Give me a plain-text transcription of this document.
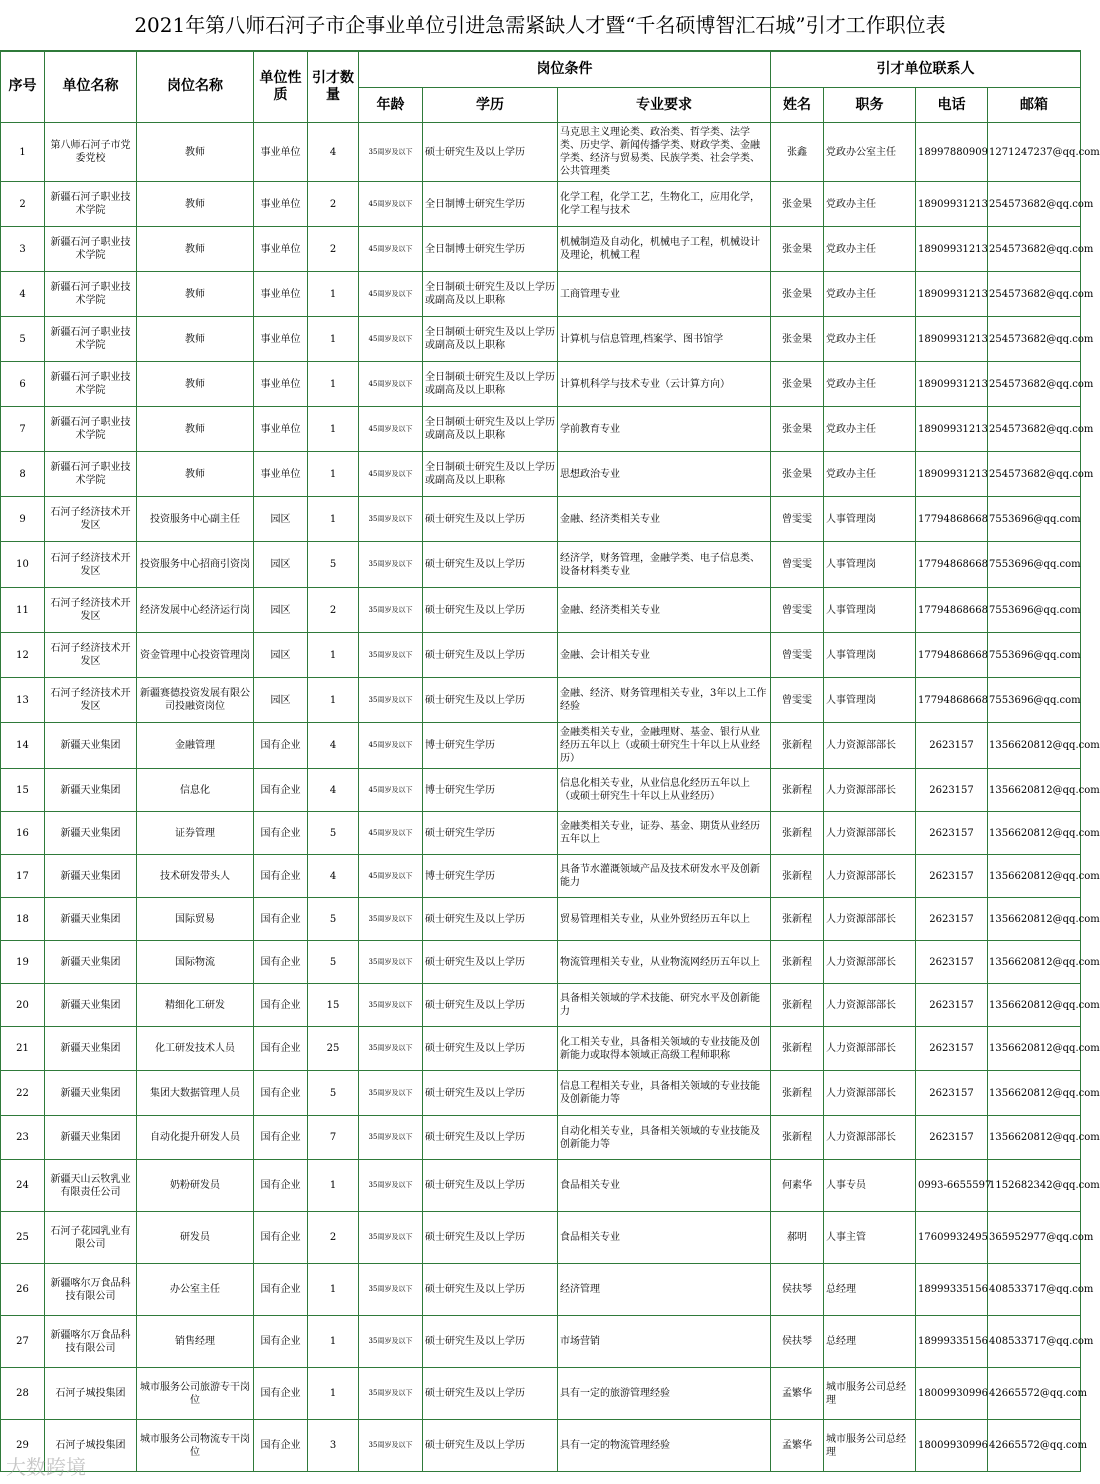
2021年第八师石河子市企事业单位引进急需紧缺人才暨“千名硕博智汇石城”引才工作职位表
序号	单位名称	岗位名称	单位性质	引才数量	岗位条件			引才单位联系人			
					年龄	学历	专业要求	姓名	职务	电话	邮箱
1	第八师石河子市党委党校	教师	事业单位	4	35周岁及以下	硕士研究生及以上学历	马克思主义理论类、政治类、哲学类、法学类、历史学、新闻传播学类、财政学类、金融学类、经济与贸易类、民族学类、社会学类、公共管理类	张鑫	党政办公室主任	18997880909	1271247237@qq.com
2	新疆石河子职业技术学院	教师	事业单位	2	45周岁及以下	全日制博士研究生学历	化学工程，化学工艺，生物化工，应用化学，化学工程与技术	张金果	党政办主任	18909931213	254573682@qq.com
3	新疆石河子职业技术学院	教师	事业单位	2	45周岁及以下	全日制博士研究生学历	机械制造及自动化，机械电子工程，机械设计及理论，机械工程	张金果	党政办主任	18909931213	254573682@qq.com
4	新疆石河子职业技术学院	教师	事业单位	1	45周岁及以下	全日制硕士研究生及以上学历或副高及以上职称	工商管理专业	张金果	党政办主任	18909931213	254573682@qq.com
5	新疆石河子职业技术学院	教师	事业单位	1	45周岁及以下	全日制硕士研究生及以上学历或副高及以上职称	计算机与信息管理,档案学、图书馆学	张金果	党政办主任	18909931213	254573682@qq.com
6	新疆石河子职业技术学院	教师	事业单位	1	45周岁及以下	全日制硕士研究生及以上学历或副高及以上职称	计算机科学与技术专业（云计算方向）	张金果	党政办主任	18909931213	254573682@qq.com
7	新疆石河子职业技术学院	教师	事业单位	1	45周岁及以下	全日制硕士研究生及以上学历或副高及以上职称	学前教育专业	张金果	党政办主任	18909931213	254573682@qq.com
8	新疆石河子职业技术学院	教师	事业单位	1	45周岁及以下	全日制硕士研究生及以上学历或副高及以上职称	思想政治专业	张金果	党政办主任	18909931213	254573682@qq.com
9	石河子经济技术开发区	投资服务中心副主任	园区	1	35周岁及以下	硕士研究生及以上学历	金融、经济类相关专业	曾雯雯	人事管理岗	17794868668	7553696@qq.com
10	石河子经济技术开发区	投资服务中心招商引资岗	园区	5	35周岁及以下	硕士研究生及以上学历	经济学，财务管理，金融学类、电子信息类、设备材料类专业	曾雯雯	人事管理岗	17794868668	7553696@qq.com
11	石河子经济技术开发区	经济发展中心经济运行岗	园区	2	35周岁及以下	硕士研究生及以上学历	金融、经济类相关专业	曾雯雯	人事管理岗	17794868668	7553696@qq.com
12	石河子经济技术开发区	资金管理中心投资管理岗	园区	1	35周岁及以下	硕士研究生及以上学历	金融、会计相关专业	曾雯雯	人事管理岗	17794868668	7553696@qq.com
13	石河子经济技术开发区	新疆赛德投资发展有限公司投融资岗位	园区	1	35周岁及以下	硕士研究生及以上学历	金融、经济、财务管理相关专业，3年以上工作经验	曾雯雯	人事管理岗	17794868668	7553696@qq.com
14	新疆天业集团	金融管理	国有企业	4	45周岁及以下	博士研究生学历	金融类相关专业，金融理财、基金、银行从业经历五年以上（或硕士研究生十年以上从业经历）	张新程	人力资源部部长	2623157	1356620812@qq.com
15	新疆天业集团	信息化	国有企业	4	45周岁及以下	博士研究生学历	信息化相关专业，从业信息化经历五年以上（或硕士研究生十年以上从业经历）	张新程	人力资源部部长	2623157	1356620812@qq.com
16	新疆天业集团	证券管理	国有企业	5	45周岁及以下	硕士研究生学历	金融类相关专业，证券、基金、期货从业经历五年以上	张新程	人力资源部部长	2623157	1356620812@qq.com
17	新疆天业集团	技术研发带头人	国有企业	4	45周岁及以下	博士研究生学历	具备节水灌溉领域产品及技术研发水平及创新能力	张新程	人力资源部部长	2623157	1356620812@qq.com
18	新疆天业集团	国际贸易	国有企业	5	35周岁及以下	硕士研究生及以上学历	贸易管理相关专业，从业外贸经历五年以上	张新程	人力资源部部长	2623157	1356620812@qq.com
19	新疆天业集团	国际物流	国有企业	5	35周岁及以下	硕士研究生及以上学历	物流管理相关专业，从业物流网经历五年以上	张新程	人力资源部部长	2623157	1356620812@qq.com
20	新疆天业集团	精细化工研发	国有企业	15	35周岁及以下	硕士研究生及以上学历	具备相关领域的学术技能、研究水平及创新能力	张新程	人力资源部部长	2623157	1356620812@qq.com
21	新疆天业集团	化工研发技术人员	国有企业	25	35周岁及以下	硕士研究生及以上学历	化工相关专业，具备相关领域的专业技能及创新能力或取得本领域正高级工程师职称	张新程	人力资源部部长	2623157	1356620812@qq.com
22	新疆天业集团	集团大数据管理人员	国有企业	5	35周岁及以下	硕士研究生及以上学历	信息工程相关专业，具备相关领域的专业技能及创新能力等	张新程	人力资源部部长	2623157	1356620812@qq.com
23	新疆天业集团	自动化提升研发人员	国有企业	7	35周岁及以下	硕士研究生及以上学历	自动化相关专业，具备相关领域的专业技能及创新能力等	张新程	人力资源部部长	2623157	1356620812@qq.com
24	新疆天山云牧乳业有限责任公司	奶粉研发员	国有企业	1	35周岁及以下	硕士研究生及以上学历	食品相关专业	何素华	人事专员	0993-6655597	1152682342@qq.com
25	石河子花园乳业有限公司	研发员	国有企业	2	35周岁及以下	硕士研究生及以上学历	食品相关专业	郝明	人事主管	17609932495	365952977@qq.com
26	新疆喀尔万食品科技有限公司	办公室主任	国有企业	1	35周岁及以下	硕士研究生及以上学历	经济管理	侯扶琴	总经理	18999335156	408533717@qq.com
27	新疆喀尔万食品科技有限公司	销售经理	国有企业	1	35周岁及以下	硕士研究生及以上学历	市场营销	侯扶琴	总经理	18999335156	408533717@qq.com
28	石河子城投集团	城市服务公司旅游专干岗位	国有企业	1	35周岁及以下	硕士研究生及以上学历	具有一定的旅游管理经验	孟繁华	城市服务公司总经理	18009930996	42665572@qq.com
29	石河子城投集团	城市服务公司物流专干岗位	国有企业	3	35周岁及以下	硕士研究生及以上学历	具有一定的物流管理经验	孟繁华	城市服务公司总经理	18009930996	42665572@qq.com
大数跨境
